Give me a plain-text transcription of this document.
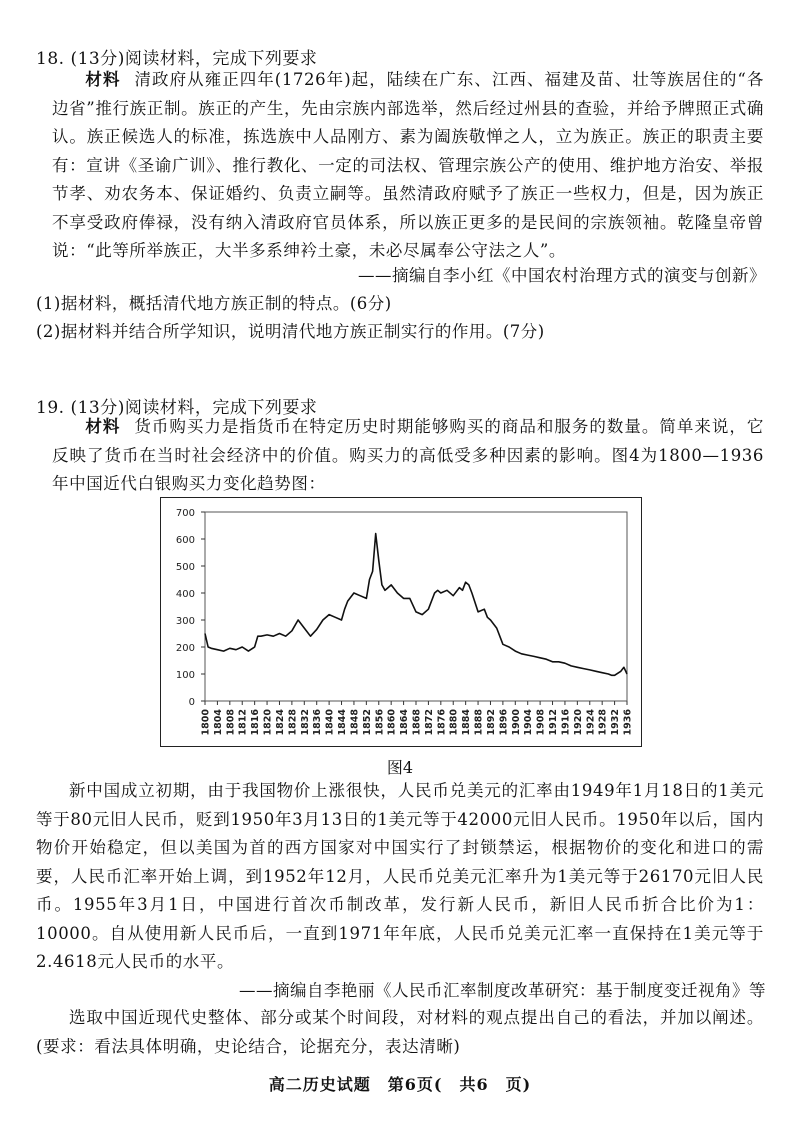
18. (13分)阅读材料，完成下列要求
材料 清政府从雍正四年(1726年)起，陆续在广东、江西、福建及苗、壮等族居住的“各边省”推行族正制。族正的产生，先由宗族内部选举，然后经过州县的查验，并给予牌照正式确认。族正候选人的标准，拣选族中人品刚方、素为阖族敬惮之人，立为族正。族正的职责主要有：宣讲《圣谕广训》、推行教化、一定的司法权、管理宗族公产的使用、维护地方治安、举报节孝、劝农务本、保证婚约、负责立嗣等。虽然清政府赋予了族正一些权力，但是，因为族正不享受政府俸禄，没有纳入清政府官员体系，所以族正更多的是民间的宗族领袖。乾隆皇帝曾说：“此等所举族正，大半多系绅衿土豪，未必尽属奉公守法之人”。
——摘编自李小红《中国农村治理方式的演变与创新》
(1)据材料，概括清代地方族正制的特点。(6分)
(2)据材料并结合所学知识，说明清代地方族正制实行的作用。(7分)
19. (13分)阅读材料，完成下列要求
材料 货币购买力是指货币在特定历史时期能够购买的商品和服务的数量。简单来说，它反映了货币在当时社会经济中的价值。购买力的高低受多种因素的影响。图4为1800—1936年中国近代白银购买力变化趋势图：
0
100
200
300
400
500
600
700
1800 1804 1808 1812 1816 1820 1824 1828 1832 1836 1840 1844 1848 1852 1856 1860 1864 1868 1872 1876 1880 1884 1888 1892 1896 1900 1904 1908 1912 1916 1920 1924 1928 1932 1936
图4
新中国成立初期，由于我国物价上涨很快，人民币兑美元的汇率由1949年1月18日的1美元等于80元旧人民币，贬到1950年3月13日的1美元等于42000元旧人民币。1950年以后，国内物价开始稳定，但以美国为首的西方国家对中国实行了封锁禁运，根据物价的变化和进口的需要，人民币汇率开始上调，到1952年12月，人民币兑美元汇率升为1美元等于26170元旧人民币。1955年3月1日，中国进行首次币制改革，发行新人民币，新旧人民币折合比价为1：10000。自从使用新人民币后，一直到1971年年底，人民币兑美元汇率一直保持在1美元等于2.4618元人民币的水平。
——摘编自李艳丽《人民币汇率制度改革研究：基于制度变迁视角》等
选取中国近现代史整体、部分或某个时间段，对材料的观点提出自己的看法，并加以阐述。(要求：看法具体明确，史论结合，论据充分，表达清晰)
高二历史试题　第6页(　共6　页)
